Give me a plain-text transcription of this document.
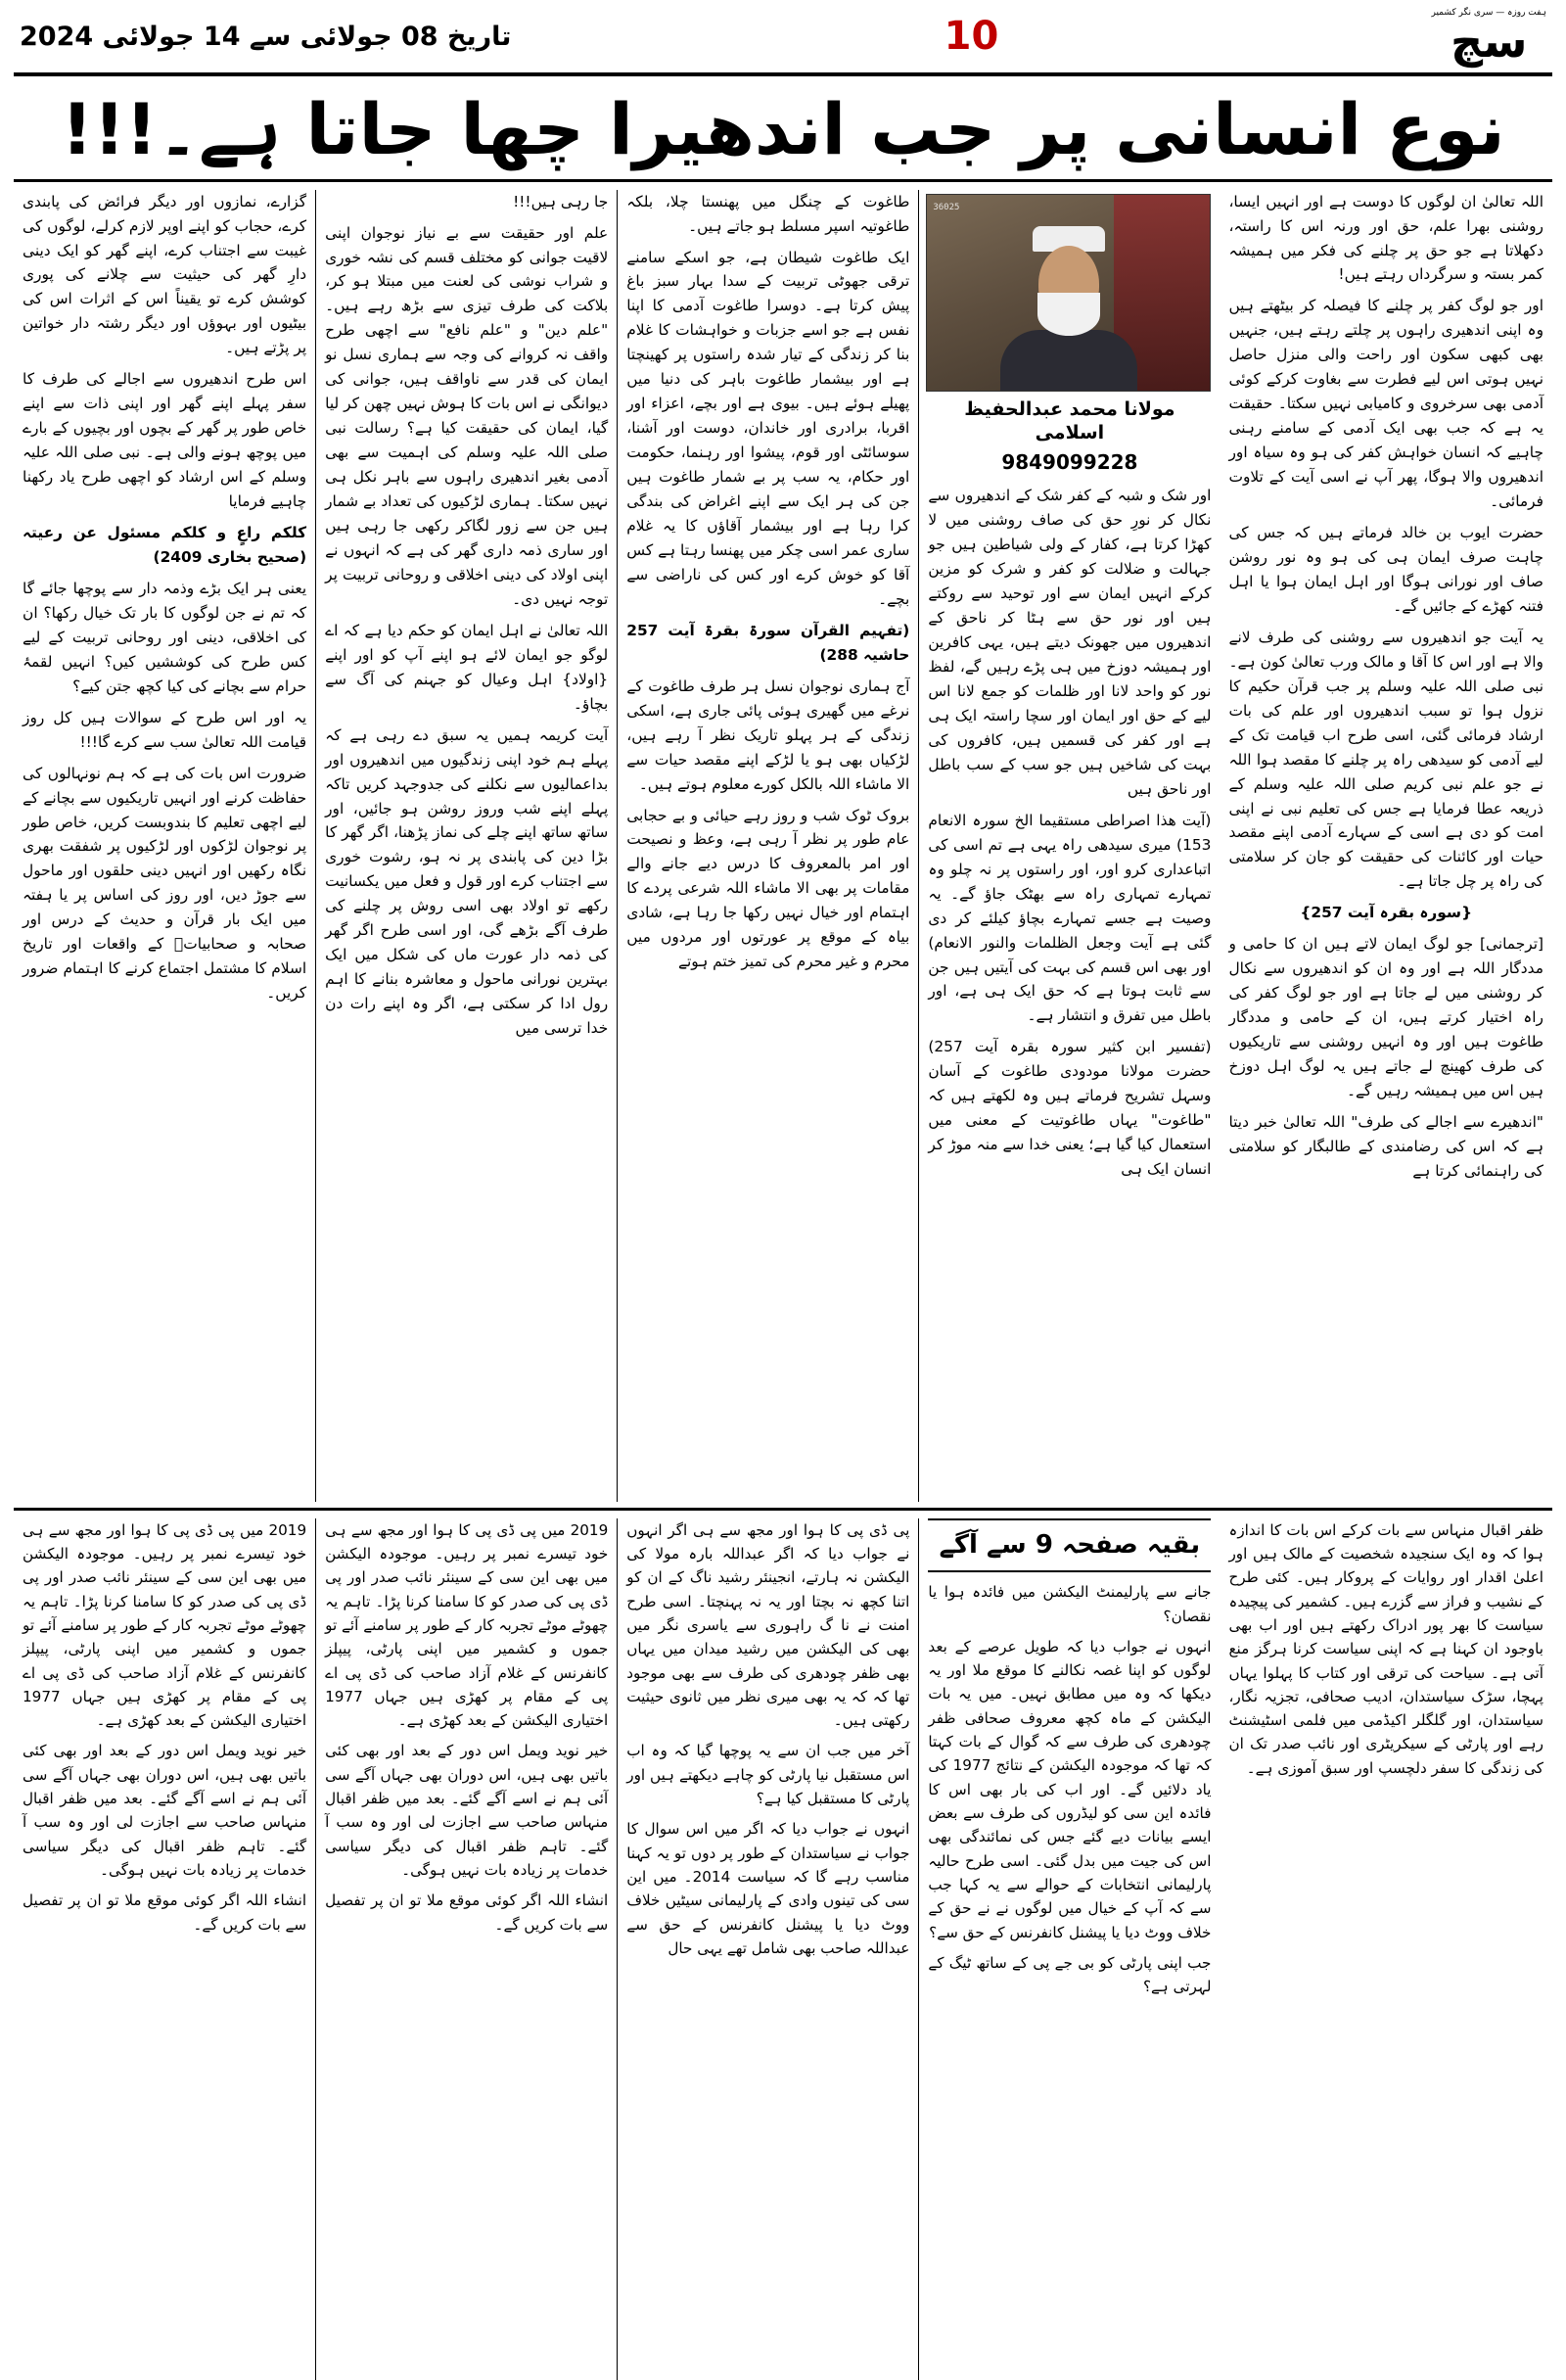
تاریخ 08 جولائی سے 14 جولائی 2024	10
ہفت روزہ — سری نگر کشمیر
سچ
نوع انسانی پر جب اندھیرا چھا جاتا ہے۔!!!

اللہ تعالیٰ ان لوگوں کا دوست ہے اور انہیں ایسا، روشنی بھرا علم، حق اور ورنہ اس کا راستہ، دکھلاتا ہے جو حق پر چلنے کی فکر میں ہمیشہ کمر بستہ و سرگرداں رہتے ہیں!

اور جو لوگ کفر پر چلنے کا فیصلہ کر بیٹھتے ہیں وہ اپنی اندھیری راہوں پر چلتے رہتے ہیں، جنہیں بھی کبھی سکون اور راحت والی منزل حاصل نہیں ہوتی اس لیے فطرت سے بغاوت کرکے کوئی آدمی بھی سرخروی و کامیابی نہیں سکتا۔ حقیقت یہ ہے کہ جب بھی ایک آدمی کے سامنے رہنی چاہیے کہ انسان خواہش کفر کی ہو وہ سیاہ اور اندھیروں والا ہوگا، پھر آپ نے اسی آیت کے تلاوت فرمائی۔

حضرت ایوب بن خالد فرماتے ہیں کہ جس کی چاہت صرف ایمان ہی کی ہو وہ نور روشن صاف اور نورانی ہوگا اور اہل ایمان ہوا یا اہل فتنہ کھڑے کے جائیں گے۔

یہ آیت جو اندھیروں سے روشنی کی طرف لانے والا ہے اور اس کا آقا و مالک ورب تعالیٰ کون ہے۔ نبی صلی اللہ علیہ وسلم پر جب قرآن حکیم کا نزول ہوا تو سبب اندھیروں اور علم کی بات ارشاد فرمائی گئی، اسی طرح اب قیامت تک کے لیے آدمی کو سیدھی راہ پر چلنے کا مقصد ہوا اللہ نے جو علم نبی کریم صلی اللہ علیہ وسلم کے ذریعہ عطا فرمایا ہے جس کی تعلیم نبی نے اپنی امت کو دی ہے اسی کے سہارے آدمی اپنے مقصد حیات اور کائنات کی حقیقت کو جان کر سلامتی کی راہ پر چل جاتا ہے۔

{سورہ بقرہ آیت 257}

[ترجمانی] جو لوگ ایمان لاتے ہیں ان کا حامی و مددگار اللہ ہے اور وہ ان کو اندھیروں سے نکال کر روشنی میں لے جاتا ہے اور جو لوگ کفر کی راہ اختیار کرتے ہیں، ان کے حامی و مددگار طاغوت ہیں اور وہ انہیں روشنی سے تاریکیوں کی طرف کھینچ لے جاتے ہیں یہ لوگ اہل دوزخ ہیں اس میں ہمیشہ رہیں گے۔

"اندھیرے سے اجالے کی طرف" اللہ تعالیٰ خبر دیتا ہے کہ اس کی رضامندی کے طالبگار کو سلامتی کی راہنمائی کرتا ہے

36025
مولانا محمد عبدالحفیظ اسلامی
9849099228

اور شک و شبہ کے کفر شک کے اندھیروں سے نکال کر نورِ حق کی صاف روشنی میں لا کھڑا کرتا ہے، کفار کے ولی شیاطین ہیں جو جہالت و ضلالت کو کفر و شرک کو مزین کرکے انہیں ایمان سے اور توحید سے روکتے ہیں اور نور حق سے ہٹا کر ناحق کے اندھیروں میں جھونک دیتے ہیں، یہی کافرین اور ہمیشہ دوزخ میں ہی پڑے رہیں گے، لفظ نور کو واحد لانا اور ظلمات کو جمع لانا اس لیے کے حق اور ایمان اور سچا راستہ ایک ہی ہے اور کفر کی قسمیں ہیں، کافروں کی بہت کی شاخیں ہیں جو سب کے سب باطل اور ناحق ہیں

(آیت ھذا اصراطی مستقیما الخ سورہ الانعام 153) میری سیدھی راہ یہی ہے تم اسی کی اتباعداری کرو اور، اور راستوں پر نہ چلو وہ تمہارے تمہاری راہ سے بھٹک جاؤ گے۔ یہ وصیت ہے جسے تمہارے بچاؤ کیلئے کر دی گئی ہے آیت وجعل الظلمات والنور الانعام) اور بھی اس قسم کی بہت کی آیتیں ہیں جن سے ثابت ہوتا ہے کہ حق ایک ہی ہے، اور باطل میں تفرق و انتشار ہے۔

(تفسیر ابن کثیر سورہ بقرہ آیت 257) حضرت مولانا مودودی طاغوت کے آسان وسہل تشریح فرماتے ہیں وہ لکھتے ہیں کہ "طاغوت" یہاں طاغوتیت کے معنی میں استعمال کیا گیا ہے؛ یعنی خدا سے منہ موڑ کر انسان ایک ہی

طاغوت کے چنگل میں پھنستا چلا، بلکہ طاغوتیہ اسپر مسلط ہو جاتے ہیں۔

ایک طاغوت شیطان ہے، جو اسکے سامنے ترقی جھوٹی تربیت کے سدا بہار سبز باغ پیش کرتا ہے۔ دوسرا طاغوت آدمی کا اپنا نفس ہے جو اسے جزبات و خواہشات کا غلام بنا کر زندگی کے تیار شدہ راستوں پر کھینچتا ہے اور بیشمار طاغوت باہر کی دنیا میں پھیلے ہوئے ہیں۔ بیوی ہے اور بچے، اعزاء اور اقربا، برادری اور خاندان، دوست اور آشنا، سوسائٹی اور قوم، پیشوا اور رہنما، حکومت اور حکام، یہ سب پر بے شمار طاغوت ہیں جن کی ہر ایک سے اپنے اغراض کی بندگی کرا رہا ہے اور بیشمار آقاؤں کا یہ غلام ساری عمر اسی چکر میں پھنسا رہتا ہے کس آقا کو خوش کرے اور کس کی ناراضی سے بچے۔

(تفہیم القرآن سورۃ بقرۃ آیت 257 حاشیہ 288)

آج ہماری نوجوان نسل ہر طرف طاغوت کے نرغے میں گھیری ہوئی پائی جاری ہے، اسکی زندگی کے ہر پہلو تاریک نظر آ رہے ہیں، لڑکیاں بھی ہو یا لڑکے اپنے مقصد حیات سے الا ماشاء اللہ بالکل کورے معلوم ہوتے ہیں۔

بروک ٹوک شب و روز رہے حیائی و بے حجابی عام طور پر نظر آ رہی ہے، وعظ و نصیحت اور امر بالمعروف کا درس دیے جانے والے مقامات پر بھی الا ماشاء اللہ شرعی پردے کا اہتمام اور خیال نہیں رکھا جا رہا ہے، شادی بیاہ کے موقع پر عورتوں اور مردوں میں محرم و غیر محرم کی تمیز ختم ہوتے

جا رہی ہیں!!!

علم اور حقیقت سے بے نیاز نوجوان اپنی لاقیت جوانی کو مختلف قسم کی نشہ خوری و شراب نوشی کی لعنت میں مبتلا ہو کر، بلاکت کی طرف تیزی سے بڑھ رہے ہیں۔ "علم دین" و "علم نافع" سے اچھی طرح واقف نہ کروانے کی وجہ سے ہماری نسل نو ایمان کی قدر سے ناواقف ہیں، جوانی کی دیوانگی نے اس بات کا ہوش نہیں چھن کر لیا گیا، ایمان کی حقیقت کیا ہے؟ رسالت نبی صلی اللہ علیہ وسلم کی اہمیت سے بھی آدمی بغیر اندھیری راہوں سے باہر نکل ہی نہیں سکتا۔ ہماری لڑکیوں کی تعداد بے شمار ہیں جن سے زور لگاکر رکھی جا رہی ہیں اور ساری ذمہ داری گھر کی ہے کہ انہوں نے اپنی اولاد کی دینی اخلاقی و روحانی تربیت پر توجہ نہیں دی۔

اللہ تعالیٰ نے اہل ایمان کو حکم دیا ہے کہ اے لوگو جو ایمان لائے ہو اپنے آپ کو اور اپنے {اولاد} اہل وعیال کو جہنم کی آگ سے بچاؤ۔

آیت کریمہ ہمیں یہ سبق دے رہی ہے کہ پہلے ہم خود اپنی زندگیوں میں اندھیروں اور بداعمالیوں سے نکلنے کی جدوجہد کریں تاکہ پہلے اپنے شب وروز روشن ہو جائیں، اور ساتھ ساتھ اپنے چلے کی نماز پڑھنا، اگر گھر کا بڑا دین کی پابندی پر نہ ہو، رشوت خوری سے اجتناب کرے اور قول و فعل میں یکسانیت رکھے تو اولاد بھی اسی روش پر چلنے کی طرف آگے بڑھے گی، اور اسی طرح اگر گھر کی ذمہ دار عورت ماں کی شکل میں ایک بہترین نورانی ماحول و معاشرہ بنانے کا اہم رول ادا کر سکتی ہے، اگر وہ اپنے رات دن خدا ترسی میں

گزارے، نمازوں اور دیگر فرائض کی پابندی کرے، حجاب کو اپنے اوپر لازم کرلے، لوگوں کی غیبت سے اجتناب کرے، اپنے گھر کو ایک دینی دارِ گھر کی حیثیت سے چلانے کی پوری کوشش کرے تو یقیناً اس کے اثرات اس کی بیٹیوں اور بہوؤں اور دیگر رشتہ دار خواتین پر پڑتے ہیں۔

اس طرح اندھیروں سے اجالے کی طرف کا سفر پہلے اپنے گھر اور اپنی ذات سے اپنے خاص طور پر گھر کے بچوں اور بچیوں کے بارے میں پوچھ ہونے والی ہے۔ نبی صلی اللہ علیہ وسلم کے اس ارشاد کو اچھی طرح یاد رکھنا چاہیے فرمایا

کلکم راعٍ و کلکم مسئول عن رعیتہ (صحیح بخاری 2409)

یعنی ہر ایک بڑے وذمہ دار سے پوچھا جائے گا کہ تم نے جن لوگوں کا بار تک خیال رکھا؟ ان کی اخلاقی، دینی اور روحانی تربیت کے لیے کس طرح کی کوششیں کیں؟ انہیں لقمۂ حرام سے بچانے کی کیا کچھ جتن کیے؟

یہ اور اس طرح کے سوالات ہیں کل روز قیامت اللہ تعالیٰ سب سے کرے گا!!!

ضرورت اس بات کی ہے کہ ہم نونہالوں کی حفاظت کرنے اور انہیں تاریکیوں سے بچانے کے لیے اچھی تعلیم کا بندوبست کریں، خاص طور پر نوجوان لڑکوں اور لڑکیوں پر شفقت بھری نگاہ رکھیں اور انہیں دینی حلقوں اور ماحول سے جوڑ دیں، اور روز کی اساس پر یا ہفتہ میں ایک بار قرآن و حدیث کے درس اور صحابہ و صحابیاتؓ کے واقعات اور تاریخ اسلام کا مشتمل اجتماع کرنے کا اہتمام ضرور کریں۔

ظفر اقبال منہاس سے بات کرکے اس بات کا اندازہ ہوا کہ وہ ایک سنجیدہ شخصیت کے مالک ہیں اور اعلیٰ اقدار اور روایات کے پروکار ہیں۔ کئی طرح کے نشیب و فراز سے گزرے ہیں۔ کشمیر کی پیچیدہ سیاست کا بھر پور ادراک رکھتے ہیں اور اب بھی باوجود ان کہنا ہے کہ اپنی سیاست کرنا ہرگز منع آتی ہے۔ سیاحت کی ترقی اور کتاب کا پہلوا یہاں پہچا، سڑک سیاستدان، ادیب صحافی، تجزیہ نگار، سیاستدان، اور گلگلر اکیڈمی میں فلمی اسٹیشنٹ رہے اور پارٹی کے سیکریٹری اور نائب صدر تک ان کی زندگی کا سفر دلچسپ اور سبق آموزی ہے۔

بقیہ صفحہ 9 سے آگے

جانے سے پارلیمنٹ الیکشن میں فائدہ ہوا یا نقصان؟

انہوں نے جواب دیا کہ طویل عرصے کے بعد لوگوں کو اپنا غصہ نکالنے کا موقع ملا اور یہ دیکھا کہ وہ میں مطابق نہیں۔ میں یہ بات الیکشن کے ماہ کچھ معروف صحافی ظفر چودھری کی طرف سے کہ گوال کے بات کہتا کہ تھا کہ موجودہ الیکشن کے نتائج 1977 کی یاد دلائیں گے۔ اور اب کی بار بھی اس کا فائدہ این سی کو لیڈروں کی طرف سے بعض ایسے بیانات دیے گئے جس کی نمائندگی بھی اس کی جیت میں بدل گئی۔ اسی طرح حالیہ پارلیمانی انتخابات کے حوالے سے یہ کہا جب سے کہ آپ کے خیال میں لوگوں نے نے حق کے خلاف ووٹ دیا یا پیشنل کانفرنس کے حق سے؟

جب اپنی پارٹی کو بی جے پی کے ساتھ ٹیگ کے لہرتی ہے؟

پی ڈی پی کا ہوا اور مجھ سے ہی اگر انہوں نے جواب دیا کہ اگر عبداللہ بارہ مولا کی الیکشن نہ ہارتے، انجینئر رشید ناگ کے ان کو اتنا کچھ نہ بچتا اور یہ نہ پہنچتا۔ اسی طرح امنت نے نا گ راہوری سے یاسری نگر میں بھی کی الیکشن میں رشید میدان میں یہاں بھی ظفر چودھری کی طرف سے بھی موجود تھا کہ کہ یہ بھی میری نظر میں ثانوی حیثیت رکھتی ہیں۔

آخر میں جب ان سے یہ پوچھا گیا کہ وہ اب اس مستقبل نیا پارٹی کو چاہے دیکھتے ہیں اور پارٹی کا مستقبل کیا ہے؟

انہوں نے جواب دیا کہ اگر میں اس سوال کا جواب نے سیاستدان کے طور پر دوں تو یہ کہنا مناسب رہے گا کہ سیاست 2014۔ میں این سی کی تینوں وادی کے پارلیمانی سیٹیں خلاف ووٹ دیا یا پیشنل کانفرنس کے حق سے عبداللہ صاحب بھی شامل تھے یہی حال

2019 میں پی ڈی پی کا ہوا اور مجھ سے ہی خود تیسرے نمبر پر رہیں۔ موجودہ الیکشن میں بھی این سی کے سینئر نائب صدر اور پی ڈی پی کی صدر کو کا سامنا کرنا پڑا۔ تاہم یہ چھوٹے موٹے تجربہ کار کے طور پر سامنے آئے تو جموں و کشمیر میں اپنی پارٹی، پیپلز کانفرنس کے غلام آزاد صاحب کی ڈی پی اے پی کے مقام پر کھڑی ہیں جہاں 1977 اختیاری الیکشن کے بعد کھڑی ہے۔

خیر نوید ویمل اس دور کے بعد اور بھی کئی باتیں بھی ہیں، اس دوران بھی جہاں آگے سی آئی ہم نے اسے آگے گئے۔ بعد میں ظفر اقبال منہاس صاحب سے اجازت لی اور وہ سب آ گئے۔ تاہم ظفر اقبال کی دیگر سیاسی خدمات پر زیادہ بات نہیں ہوگی۔

انشاء اللہ اگر کوئی موقع ملا تو ان پر تفصیل سے بات کریں گے۔

2019 میں پی ڈی پی کا ہوا اور مجھ سے ہی خود تیسرے نمبر پر رہیں۔ موجودہ الیکشن میں بھی این سی کے سینئر نائب صدر اور پی ڈی پی کی صدر کو کا سامنا کرنا پڑا۔ تاہم یہ چھوٹے موٹے تجربہ کار کے طور پر سامنے آئے تو جموں و کشمیر میں اپنی پارٹی، پیپلز کانفرنس کے غلام آزاد صاحب کی ڈی پی اے پی کے مقام پر کھڑی ہیں جہاں 1977 اختیاری الیکشن کے بعد کھڑی ہے۔

خیر نوید ویمل اس دور کے بعد اور بھی کئی باتیں بھی ہیں، اس دوران بھی جہاں آگے سی آئی ہم نے اسے آگے گئے۔ بعد میں ظفر اقبال منہاس صاحب سے اجازت لی اور وہ سب آ گئے۔ تاہم ظفر اقبال کی دیگر سیاسی خدمات پر زیادہ بات نہیں ہوگی۔

انشاء اللہ اگر کوئی موقع ملا تو ان پر تفصیل سے بات کریں گے۔
